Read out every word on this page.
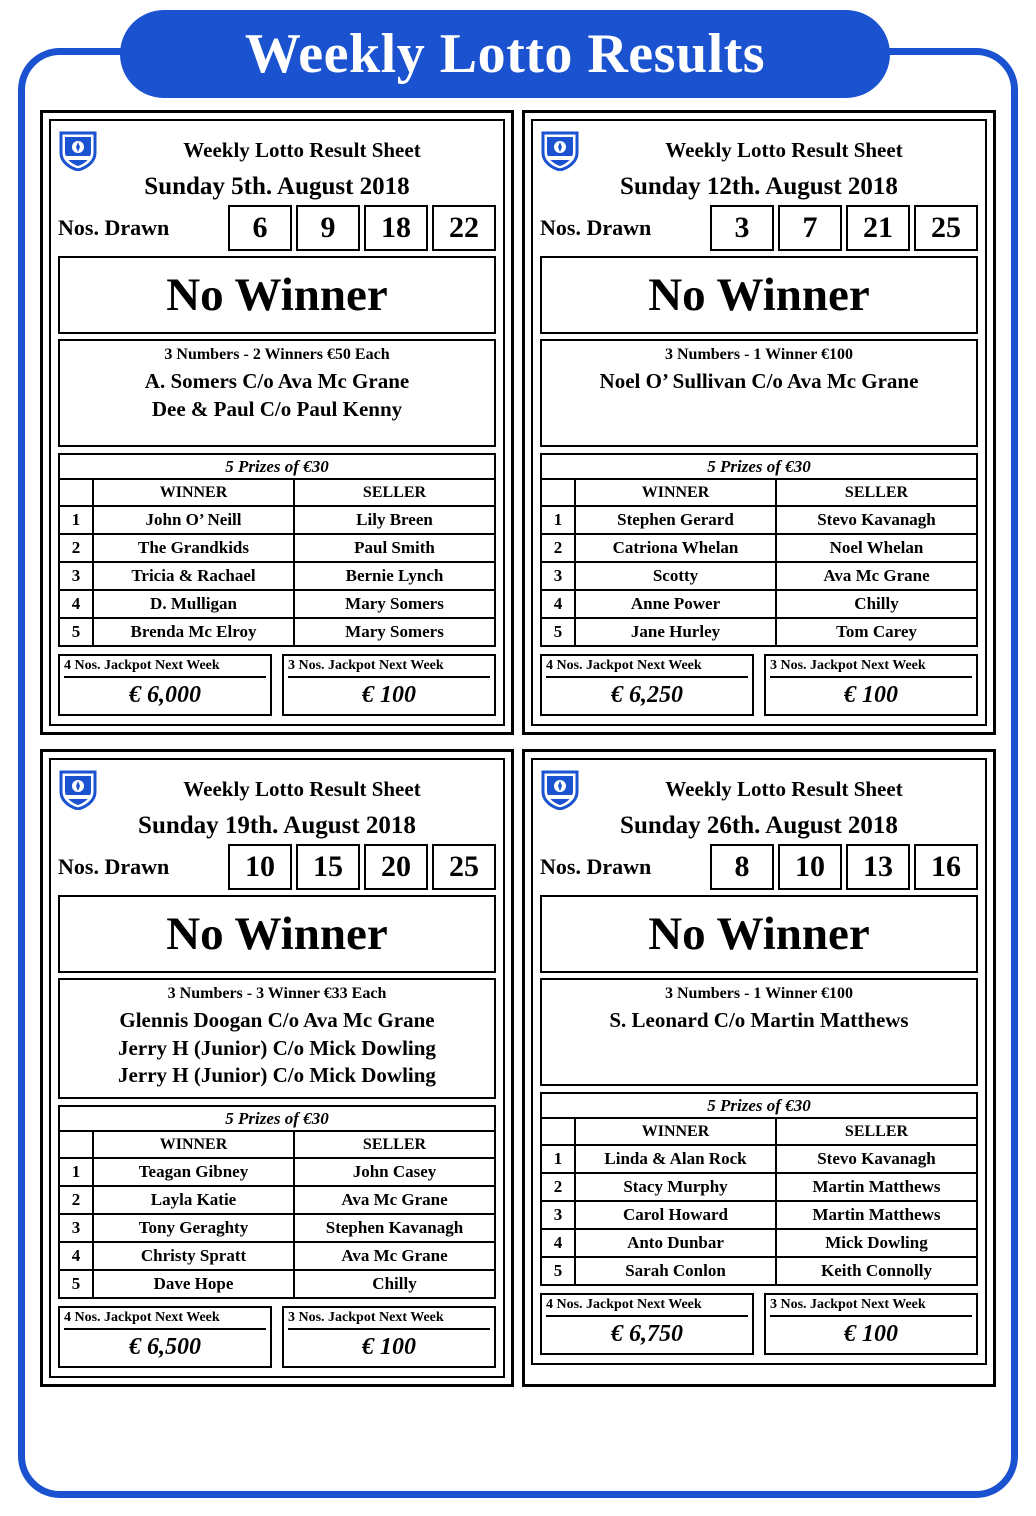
Weekly Lotto Results
Weekly Lotto Result Sheet
Sunday 5th. August 2018
Nos. Drawn	6	9	18	22
No Winner
3 Numbers - 2 Winners €50 Each
A. Somers C/o Ava Mc Grane
Dee & Paul C/o Paul Kenny
5 Prizes of €30
	WINNER	SELLER
1	John O’ Neill	Lily Breen
2	The Grandkids	Paul Smith
3	Tricia & Rachael	Bernie Lynch
4	D. Mulligan	Mary Somers
5	Brenda Mc Elroy	Mary Somers
4 Nos. Jackpot Next Week
€ 6,000
3 Nos. Jackpot Next Week
€ 100
Weekly Lotto Result Sheet
Sunday 12th. August 2018
Nos. Drawn	3	7	21	25
No Winner
3 Numbers - 1 Winner €100
Noel O’ Sullivan C/o Ava Mc Grane
5 Prizes of €30
	WINNER	SELLER
1	Stephen Gerard	Stevo Kavanagh
2	Catriona Whelan	Noel Whelan
3	Scotty	Ava Mc Grane
4	Anne Power	Chilly
5	Jane Hurley	Tom Carey
4 Nos. Jackpot Next Week
€ 6,250
3 Nos. Jackpot Next Week
€ 100
Weekly Lotto Result Sheet
Sunday 19th. August 2018
Nos. Drawn	10	15	20	25
No Winner
3 Numbers - 3 Winner €33 Each
Glennis Doogan C/o Ava Mc Grane
Jerry H (Junior) C/o Mick Dowling
Jerry H (Junior) C/o Mick Dowling
5 Prizes of €30
	WINNER	SELLER
1	Teagan Gibney	John Casey
2	Layla Katie	Ava Mc Grane
3	Tony Geraghty	Stephen Kavanagh
4	Christy Spratt	Ava Mc Grane
5	Dave Hope	Chilly
4 Nos. Jackpot Next Week
€ 6,500
3 Nos. Jackpot Next Week
€ 100
Weekly Lotto Result Sheet
Sunday 26th. August 2018
Nos. Drawn	8	10	13	16
No Winner
3 Numbers - 1 Winner €100
S. Leonard C/o Martin Matthews
5 Prizes of €30
	WINNER	SELLER
1	Linda & Alan Rock	Stevo Kavanagh
2	Stacy Murphy	Martin Matthews
3	Carol Howard	Martin Matthews
4	Anto Dunbar	Mick Dowling
5	Sarah Conlon	Keith Connolly
4 Nos. Jackpot Next Week
€ 6,750
3 Nos. Jackpot Next Week
€ 100
